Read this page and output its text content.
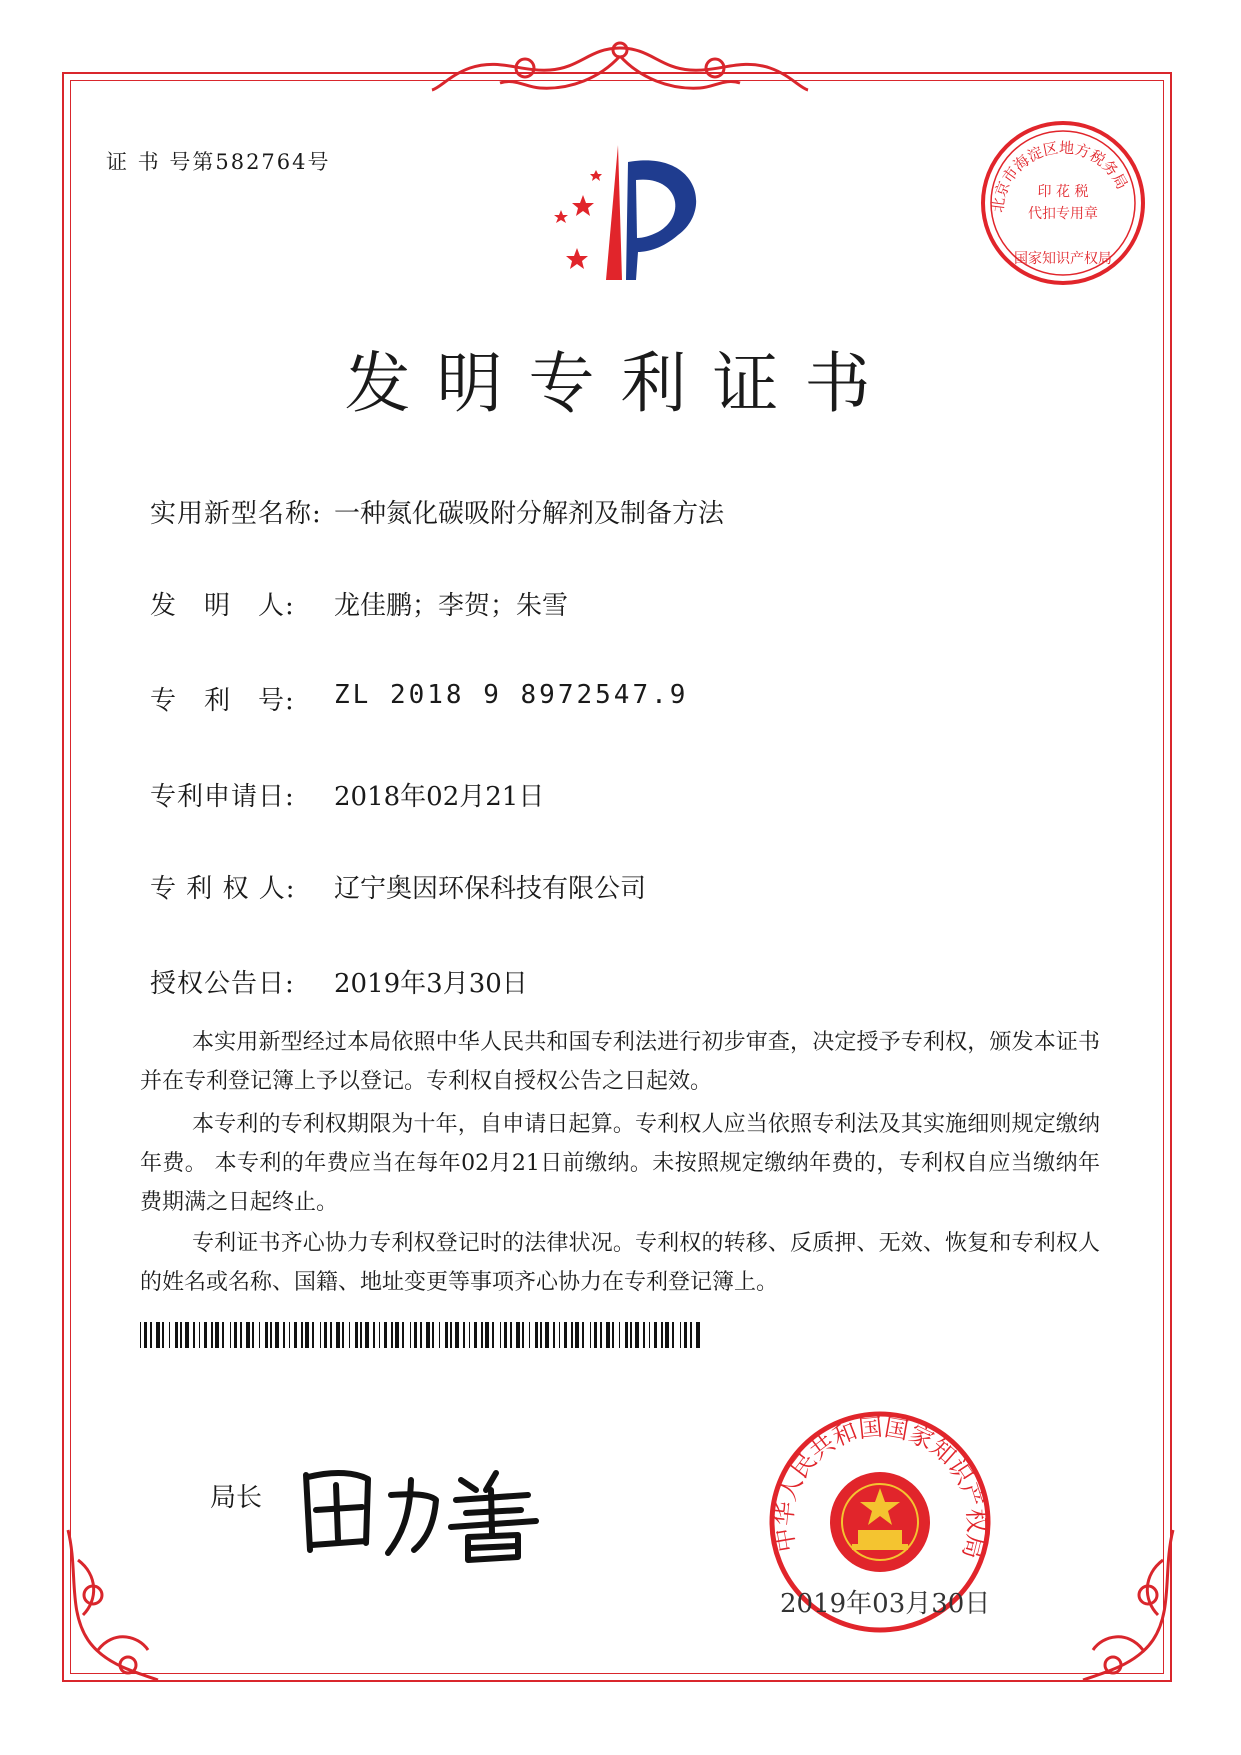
证 书 号第582764号
北京市海淀区地方税务局
印 花 税
代扣专用章
国家知识产权局
发明专利证书
实用新型名称: 一种氮化碳吸附分解剂及制备方法
发　明　人:	龙佳鹏；李贺；朱雪
专　利　号:	ZL 2018 9 8972547.9
专利申请日:	2018年02月21日
专 利 权 人:	辽宁奥因环保科技有限公司
授权公告日:	2019年3月30日
本实用新型经过本局依照中华人民共和国专利法进行初步审查，决定授予专利权，颁发本证书并在专利登记簿上予以登记。专利权自授权公告之日起效。
本专利的专利权期限为十年，自申请日起算。专利权人应当依照专利法及其实施细则规定缴纳年费。 本专利的年费应当在每年02月21日前缴纳。未按照规定缴纳年费的，专利权自应当缴纳年费期满之日起终止。
专利证书齐心协力专利权登记时的法律状况。专利权的转移、反质押、无效、恢复和专利权人的姓名或名称、国籍、地址变更等事项齐心协力在专利登记簿上。
局长
中华人民共和国国家知识产权局
2019年03月30日
